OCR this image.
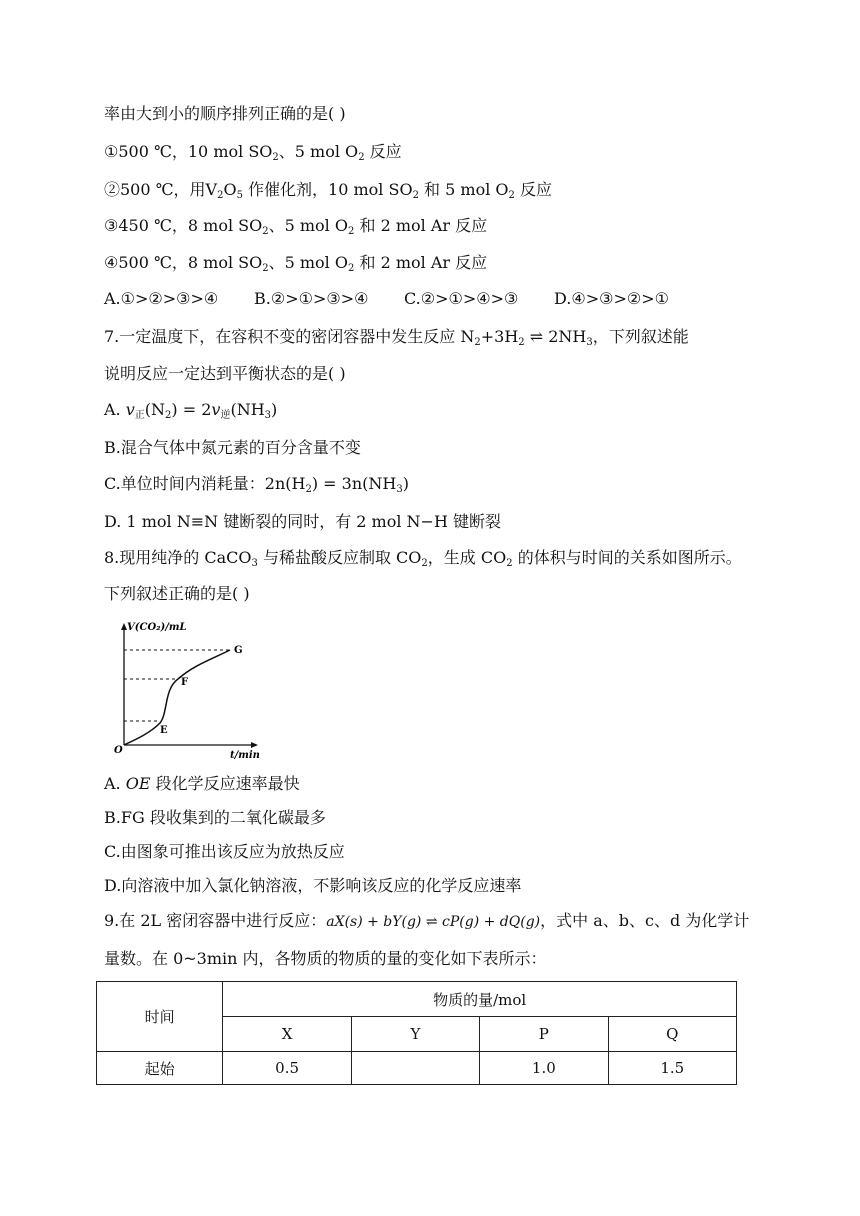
率由大到小的顺序排列正确的是( )
①500 ℃，10 mol $SO_2$、5 mol $O_2$ 反应
②500 ℃，用$V_2O_5$ 作催化剂，10 mol $SO_2$ 和 5 mol $O_2$ 反应
③450 ℃，8 mol $SO_2$、5 mol $O_2$ 和 2 mol Ar 反应
④500 ℃，8 mol $SO_2$、5 mol $O_2$ 和 2 mol Ar 反应
A.①>②>③>④ B.②>①>③>④ C.②>①>④>③ D.④>③>②>①
7.一定温度下，在容积不变的密闭容器中发生反应 $N_2+3H_2$ ⇌ $2NH_3$，下列叙述能
说明反应一定达到平衡状态的是( )
A. $v_正(N_2) = 2v_逆(NH_3)$
B.混合气体中氮元素的百分含量不变
C.单位时间内消耗量：$2n(H_2) = 3n(NH_3)$
D. 1 mol N≡N 键断裂的同时，有 2 mol N−H 键断裂
8.现用纯净的 CaCO$_3$ 与稀盐酸反应制取 $CO_2$，生成 $CO_2$ 的体积与时间的关系如图所示。
下列叙述正确的是( )
V(CO₂)/mL
t/min
O
E
F
G
A. OE 段化学反应速率最快
B.FG 段收集到的二氧化碳最多
C.由图象可推出该反应为放热反应
D.向溶液中加入氯化钠溶液，不影响该反应的化学反应速率
9.在 2L 密闭容器中进行反应：aX(s) + bY(g) ⇌ cP(g) + dQ(g)，式中 a、b、c、d 为化学计
量数。在 0~3min 内，各物质的物质的量的变化如下表所示：
时间	物质的量/mol			
	X	Y	P	Q
起始	0.5		1.0	1.5
